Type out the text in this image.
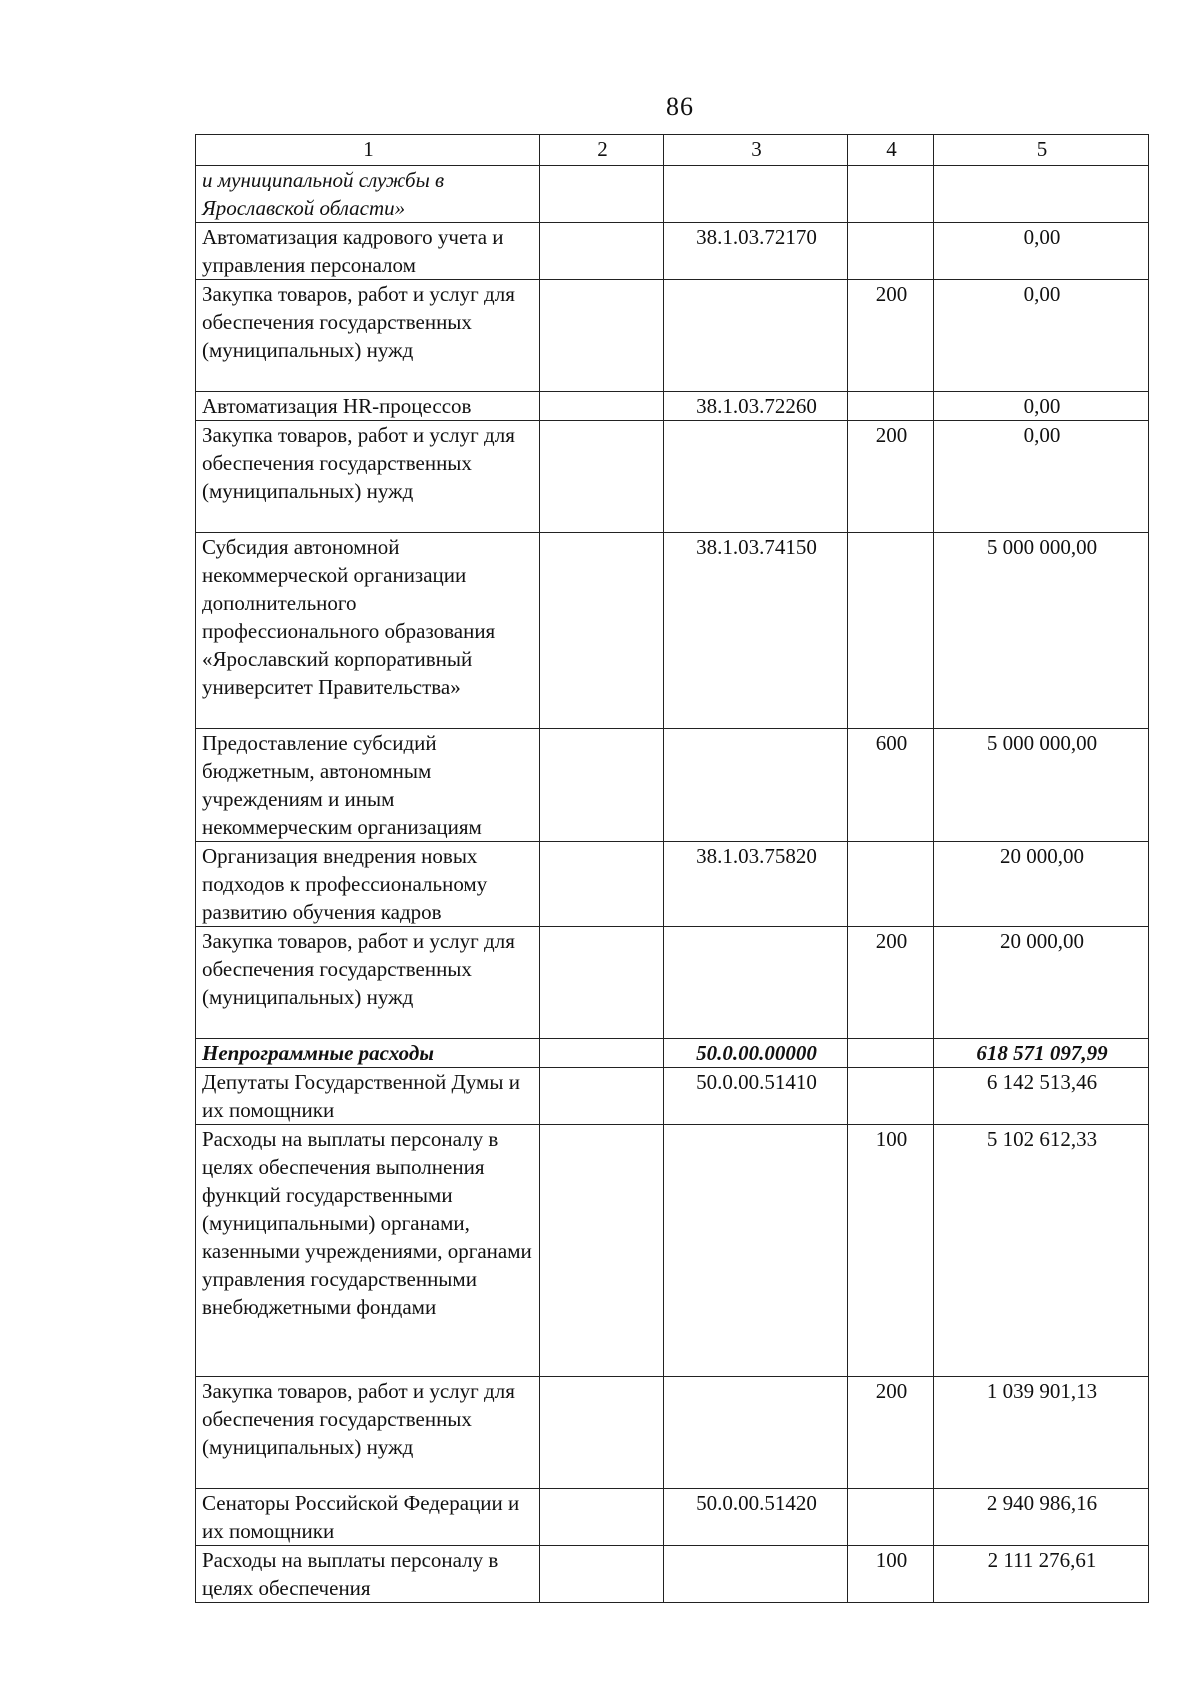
86
1	2	3	4	5
и муниципальной службы в Ярославской области»				
Автоматизация кадрового учета и управления персоналом		38.1.03.72170		0,00
Закупка товаров, работ и услуг для обеспечения государственных (муниципальных) нужд			200	0,00
Автоматизация HR-процессов		38.1.03.72260		0,00
Закупка товаров, работ и услуг для обеспечения государственных (муниципальных) нужд			200	0,00
Субсидия автономной некоммерческой организации дополнительного профессионального образования «Ярославский корпоративный университет Правительства»		38.1.03.74150		5 000 000,00
Предоставление субсидий бюджетным, автономным учреждениям и иным некоммерческим организациям			600	5 000 000,00
Организация внедрения новых подходов к профессиональному развитию обучения кадров		38.1.03.75820		20 000,00
Закупка товаров, работ и услуг для обеспечения государственных (муниципальных) нужд			200	20 000,00
Непрограммные расходы		50.0.00.00000		618 571 097,99
Депутаты Государственной Думы и их помощники		50.0.00.51410		6 142 513,46
Расходы на выплаты персоналу в целях обеспечения выполнения функций государственными (муниципальными) органами, казенными учреждениями, органами управления государственными внебюджетными фондами			100	5 102 612,33
Закупка товаров, работ и услуг для обеспечения государственных (муниципальных) нужд			200	1 039 901,13
Сенаторы Российской Федерации и их помощники		50.0.00.51420		2 940 986,16
Расходы на выплаты персоналу в целях обеспечения			100	2 111 276,61
